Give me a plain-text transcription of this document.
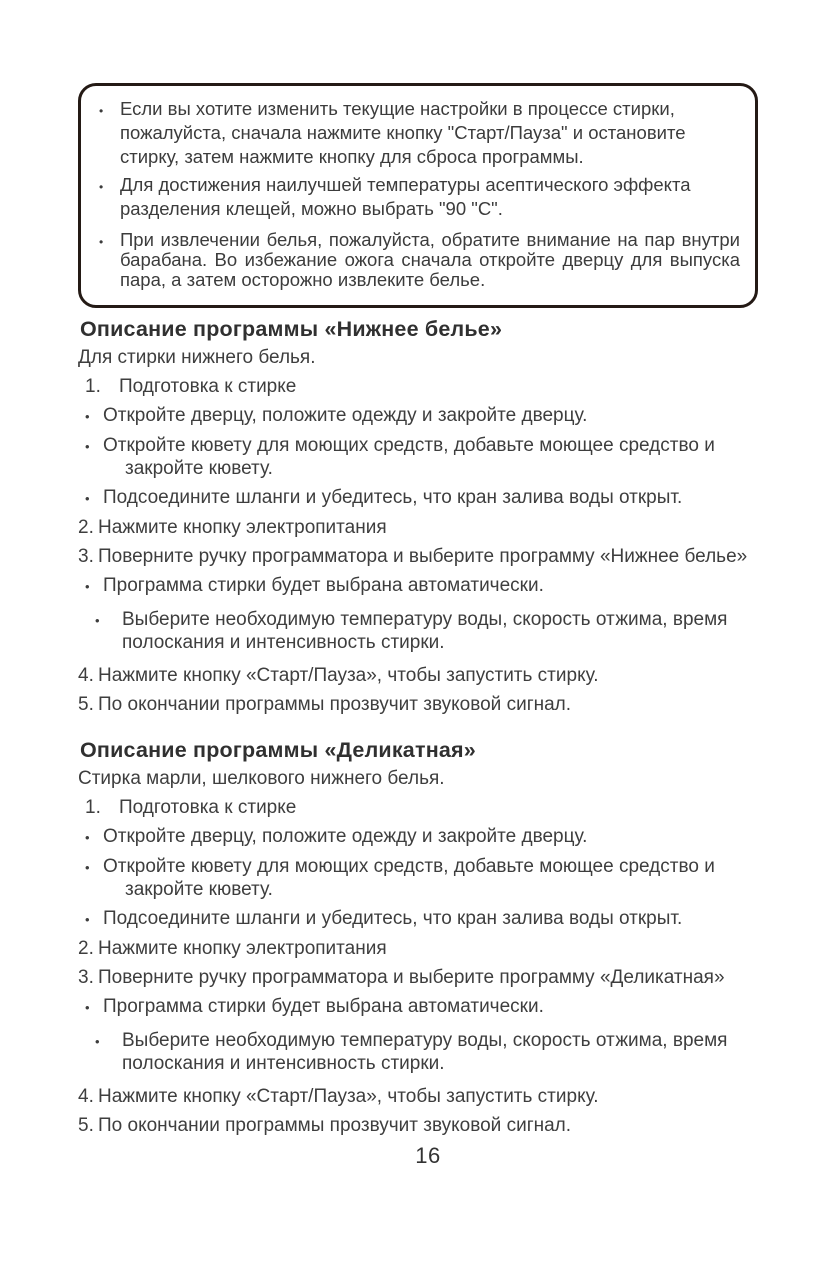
• Если вы хотите изменить текущие настройки в процессе стирки, пожалуйста, сначала нажмите кнопку "Старт/Пауза" и остановите стирку, затем нажмите кнопку для сброса программы.
• Для достижения наилучшей температуры асептического эффекта разделения клещей, можно выбрать "90 "С".
• При извлечении белья, пожалуйста, обратите внимание на пар внутри барабана. Во избежание ожога сначала откройте дверцу для выпуска пара, а затем осторожно извлеките белье.
Описание программы «Нижнее белье»

Для стирки нижнего белья.

1. Подготовка к стирке
• Откройте дверцу, положите одежду и закройте дверцу.
• Откройте кювету для моющих средств, добавьте моющее средство и закройте кювету.
• Подсоедините шланги и убедитесь, что кран залива воды открыт.
2. Нажмите кнопку электропитания
3. Поверните ручку программатора и выберите программу «Нижнее белье»
• Программа стирки будет выбрана автоматически.
•	Выберите необходимую температуру воды, скорость отжима, время полоскания и интенсивность стирки.
4. Нажмите кнопку «Старт/Пауза», чтобы запустить стирку.
5. По окончании программы прозвучит звуковой сигнал.
Описание программы «Деликатная»

Стирка марли, шелкового нижнего белья.

1. Подготовка к стирке
• Откройте дверцу, положите одежду и закройте дверцу.
• Откройте кювету для моющих средств, добавьте моющее средство и закройте кювету.
• Подсоедините шланги и убедитесь, что кран залива воды открыт.
2. Нажмите кнопку электропитания
3. Поверните ручку программатора и выберите программу «Деликатная»
• Программа стирки будет выбрана автоматически.
•	Выберите необходимую температуру воды, скорость отжима, время полоскания и интенсивность стирки.
4. Нажмите кнопку «Старт/Пауза», чтобы запустить стирку.
5. По окончании программы прозвучит звуковой сигнал.
16
